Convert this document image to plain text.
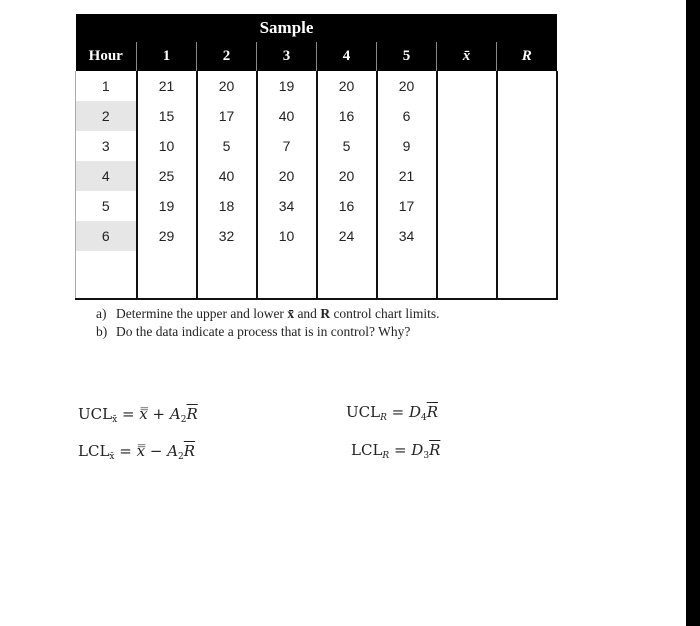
	Sample						
Hour	1	2	3	4	5	x̄	R
1	21	20	19	20	20		
2	15	17	40	16	6		
3	10	5	7	5	9		
4	25	40	20	20	21		
5	19	18	34	16	17		
6	29	32	10	24	34		

a) Determine the upper and lower x̄ and R control chart limits.
b) Do the data indicate a process that is in control? Why?
$UCL_{x̄}$ = x̿ + $A_2\overline{R}$
$LCL_{x̄}$ = x̿ − $A_2\overline{R}$
$UCL_R = D_4\overline{R}$
$LCL_R = D_3\overline{R}$
